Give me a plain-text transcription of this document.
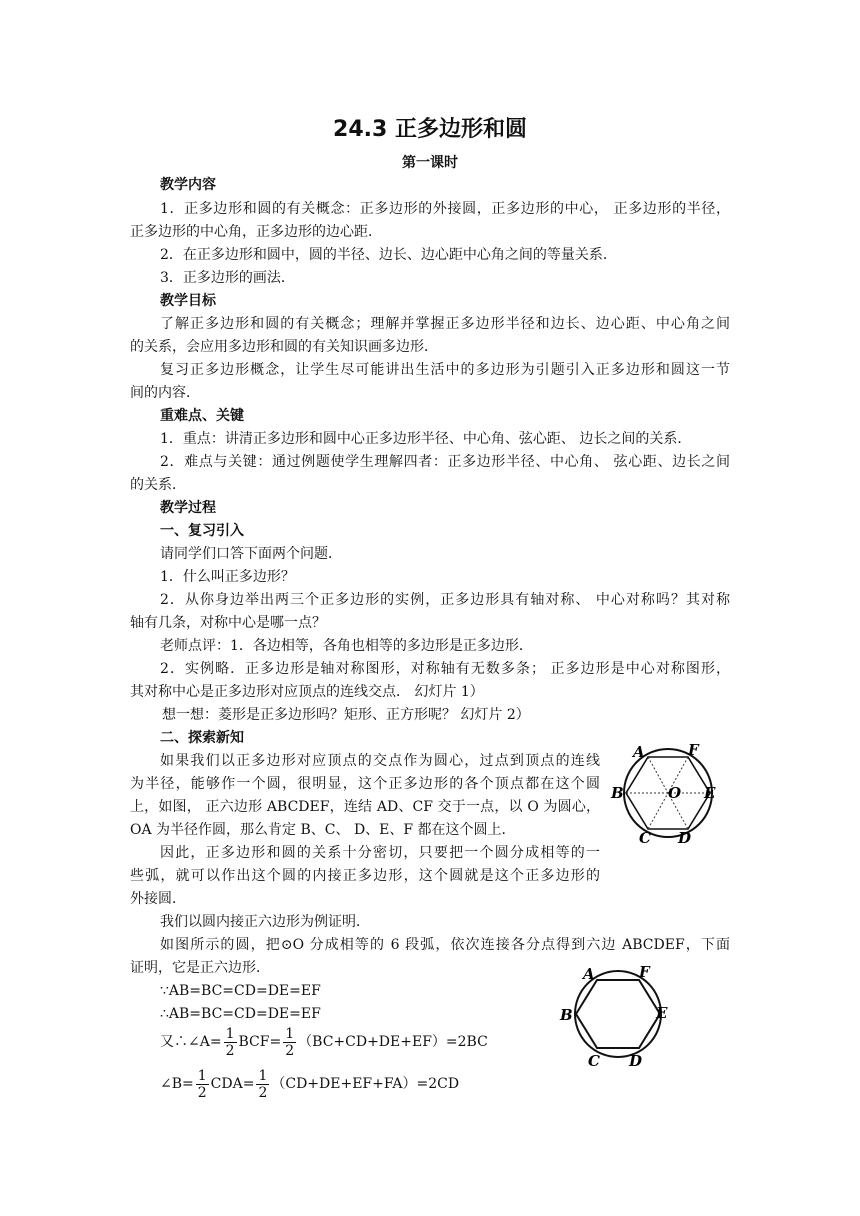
24.3 正多边形和圆
第一课时
教学内容
1．正多边形和圆的有关概念：正多边形的外接圆，正多边形的中心， 正多边形的半径，
正多边形的中心角，正多边形的边心距．
2．在正多边形和圆中，圆的半径、边长、边心距中心角之间的等量关系．
3．正多边形的画法．
教学目标
了解正多边形和圆的有关概念；理解并掌握正多边形半径和边长、边心距、中心角之间
的关系，会应用多边形和圆的有关知识画多边形．
复习正多边形概念，让学生尽可能讲出生活中的多边形为引题引入正多边形和圆这一节
间的内容．
重难点、关键
1．重点：讲清正多边形和圆中心正多边形半径、中心角、弦心距、 边长之间的关系．
2．难点与关键：通过例题使学生理解四者：正多边形半径、中心角、 弦心距、边长之间
的关系．
教学过程
一、复习引入
请同学们口答下面两个问题．
1．什么叫正多边形？
2．从你身边举出两三个正多边形的实例，正多边形具有轴对称、 中心对称吗？其对称
轴有几条，对称中心是哪一点？
老师点评：1．各边相等，各角也相等的多边形是正多边形．
2．实例略．正多边形是轴对称图形，对称轴有无数多条； 正多边形是中心对称图形，
其对称中心是正多边形对应顶点的连线交点． 幻灯片 1）
想一想：菱形是正多边形吗？矩形、正方形呢？ 幻灯片 2）
二、探索新知
如果我们以正多边形对应顶点的交点作为圆心，过点到顶点的连线
为半径，能够作一个圆，很明显，这个正多边形的各个顶点都在这个圆
上，如图， 正六边形 ABCDEF，连结 AD、CF 交于一点，以 O 为圆心，
OA 为半径作圆，那么肯定 B、C、 D、E、F 都在这个圆上．
因此，正多边形和圆的关系十分密切，只要把一个圆分成相等的一
些弧，就可以作出这个圆的内接正多边形，这个圆就是这个正多边形的
外接圆．
我们以圆内接正六边形为例证明．
如图所示的圆，把⊙O 分成相等的 6 段弧，依次连接各分点得到六边 ABCDEF，下面
证明，它是正六边形．
∵AB=BC=CD=DE=EF
∴AB=BC=CD=DE=EF
又∴∠A= $\frac{1}{2} BCF= \frac{1}{2} (BC+CD+DE+EF)=2BC$
∠B= $\frac{1}{2} CDA= \frac{1}{2} (CD+DE+EF+FA)=2CD$
A	F
B	O E
C D
A	F
B	E
C D
